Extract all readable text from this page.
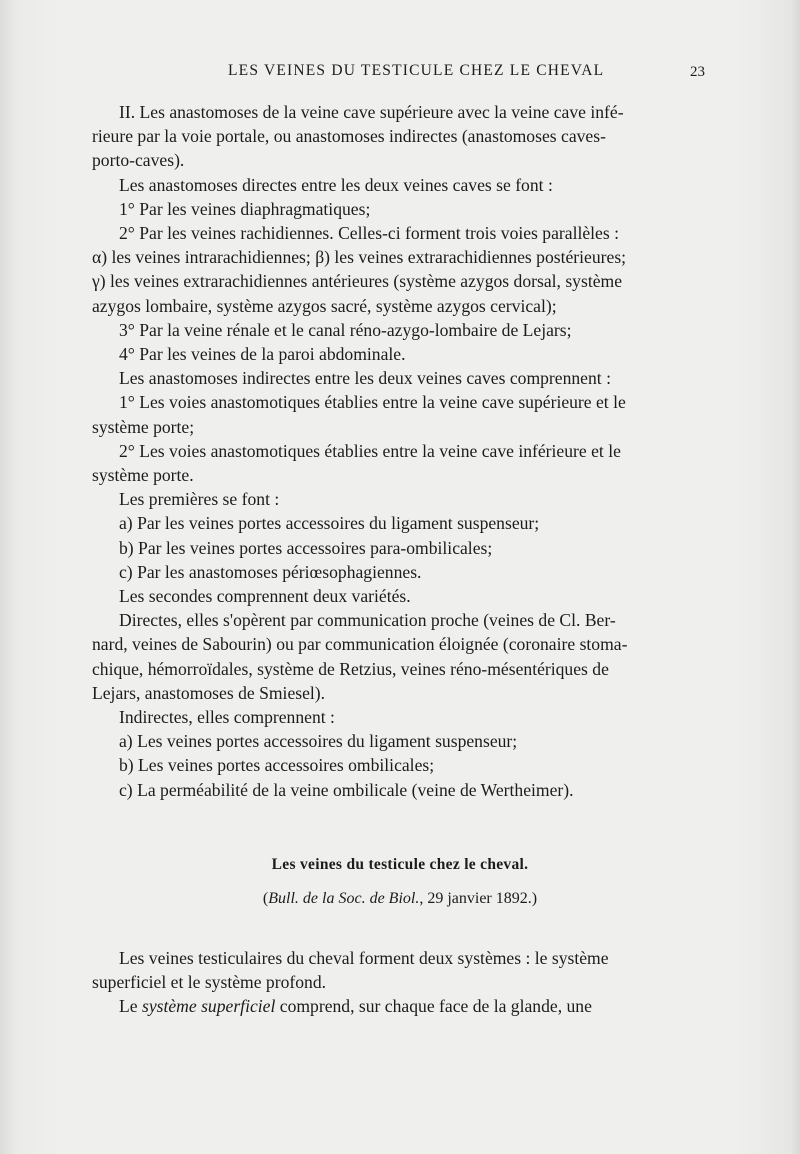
LES VEINES DU TESTICULE CHEZ LE CHEVAL	23

II. Les anastomoses de la veine cave supérieure avec la veine cave infé-
rieure par la voie portale, ou anastomoses indirectes (anastomoses caves-
porto-caves).

Les anastomoses directes entre les deux veines caves se font :

1° Par les veines diaphragmatiques;

2° Par les veines rachidiennes. Celles-ci forment trois voies parallèles :
α) les veines intrarachidiennes; β) les veines extrarachidiennes postérieures;
γ) les veines extrarachidiennes antérieures (système azygos dorsal, système
azygos lombaire, système azygos sacré, système azygos cervical);

3° Par la veine rénale et le canal réno-azygo-lombaire de Lejars;

4° Par les veines de la paroi abdominale.

Les anastomoses indirectes entre les deux veines caves comprennent :

1° Les voies anastomotiques établies entre la veine cave supérieure et le
système porte;

2° Les voies anastomotiques établies entre la veine cave inférieure et le
système porte.

Les premières se font :

a) Par les veines portes accessoires du ligament suspenseur;

b) Par les veines portes accessoires para-ombilicales;

c) Par les anastomoses périœsophagiennes.

Les secondes comprennent deux variétés.

Directes, elles s'opèrent par communication proche (veines de Cl. Ber-
nard, veines de Sabourin) ou par communication éloignée (coronaire stoma-
chique, hémorroïdales, système de Retzius, veines réno-mésentériques de
Lejars, anastomoses de Smiesel).

Indirectes, elles comprennent :

a) Les veines portes accessoires du ligament suspenseur;

b) Les veines portes accessoires ombilicales;

c) La perméabilité de la veine ombilicale (veine de Wertheimer).

Les veines du testicule chez le cheval.
(Bull. de la Soc. de Biol., 29 janvier 1892.)

Les veines testiculaires du cheval forment deux systèmes : le système
superficiel et le système profond.

Le système superficiel comprend, sur chaque face de la glande, une
